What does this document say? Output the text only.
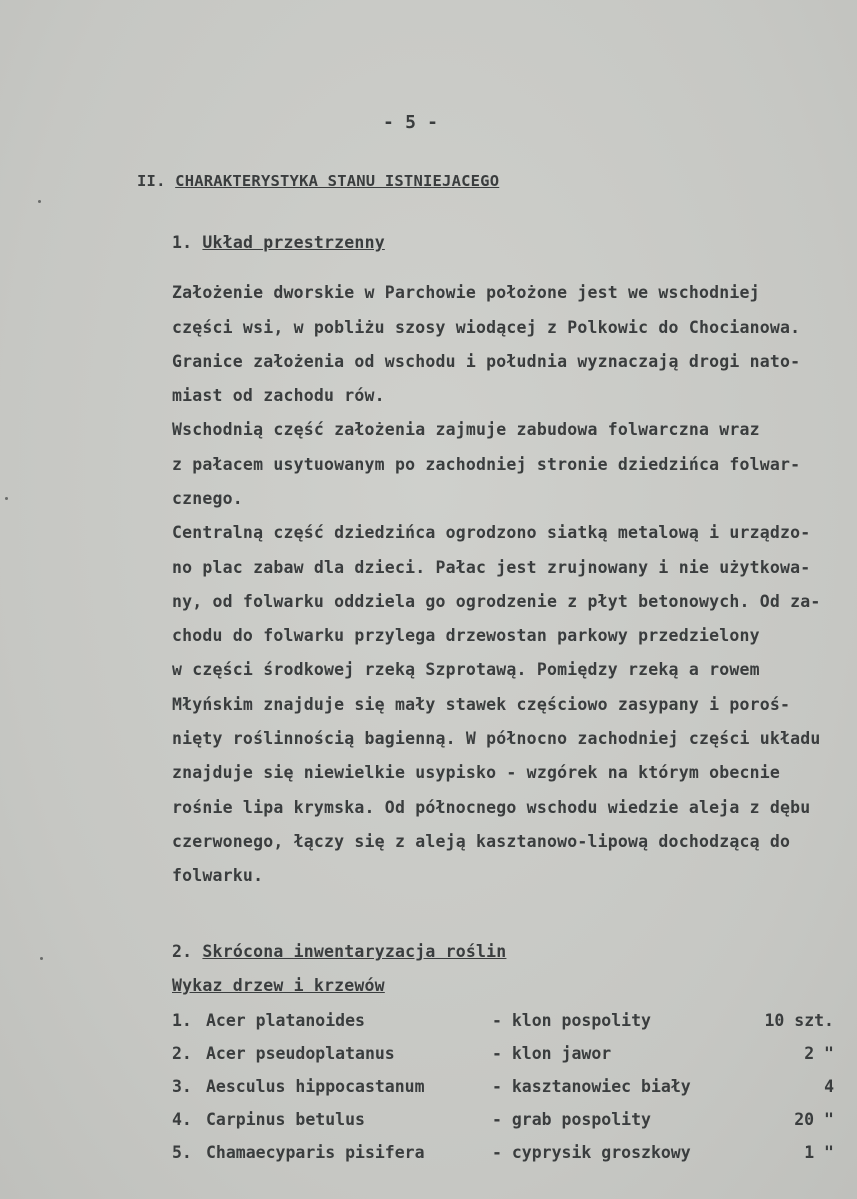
- 5 -
II. CHARAKTERYSTYKA STANU ISTNIEJACEGO
1. Układ przestrzenny
Założenie dworskie w Parchowie położone jest we wschodniej
części wsi, w pobliżu szosy wiodącej z Polkowic do Chocianowa.
Granice założenia od wschodu i południa wyznaczają drogi nato-
miast od zachodu rów.
Wschodnią część założenia zajmuje zabudowa folwarczna wraz
z pałacem usytuowanym po zachodniej stronie dziedzińca folwar-
cznego.
Centralną część dziedzińca ogrodzono siatką metalową i urządzo-
no plac zabaw dla dzieci. Pałac jest zrujnowany i nie użytkowa-
ny, od folwarku oddziela go ogrodzenie z płyt betonowych. Od za-
chodu do folwarku przylega drzewostan parkowy przedzielony
w części środkowej rzeką Szprotawą. Pomiędzy rzeką a rowem
Młyńskim znajduje się mały stawek częściowo zasypany i poroś-
nięty roślinnością bagienną. W północno zachodniej części układu
znajduje się niewielkie usypisko - wzgórek na którym obecnie
rośnie lipa krymska. Od północnego wschodu wiedzie aleja z dębu
czerwonego, łączy się z aleją kasztanowo-lipową dochodzącą do
folwarku.
2. Skrócona inwentaryzacja roślin
Wykaz drzew i krzewów
1. Acer platanoides	- klon pospolity	10 szt.
2. Acer pseudoplatanus	- klon jawor	2 "
3. Aesculus hippocastanum	- kasztanowiec biały	4
4. Carpinus betulus	- grab pospolity	20 "
5. Chamaecyparis pisifera	- cyprysik groszkowy	1 "
